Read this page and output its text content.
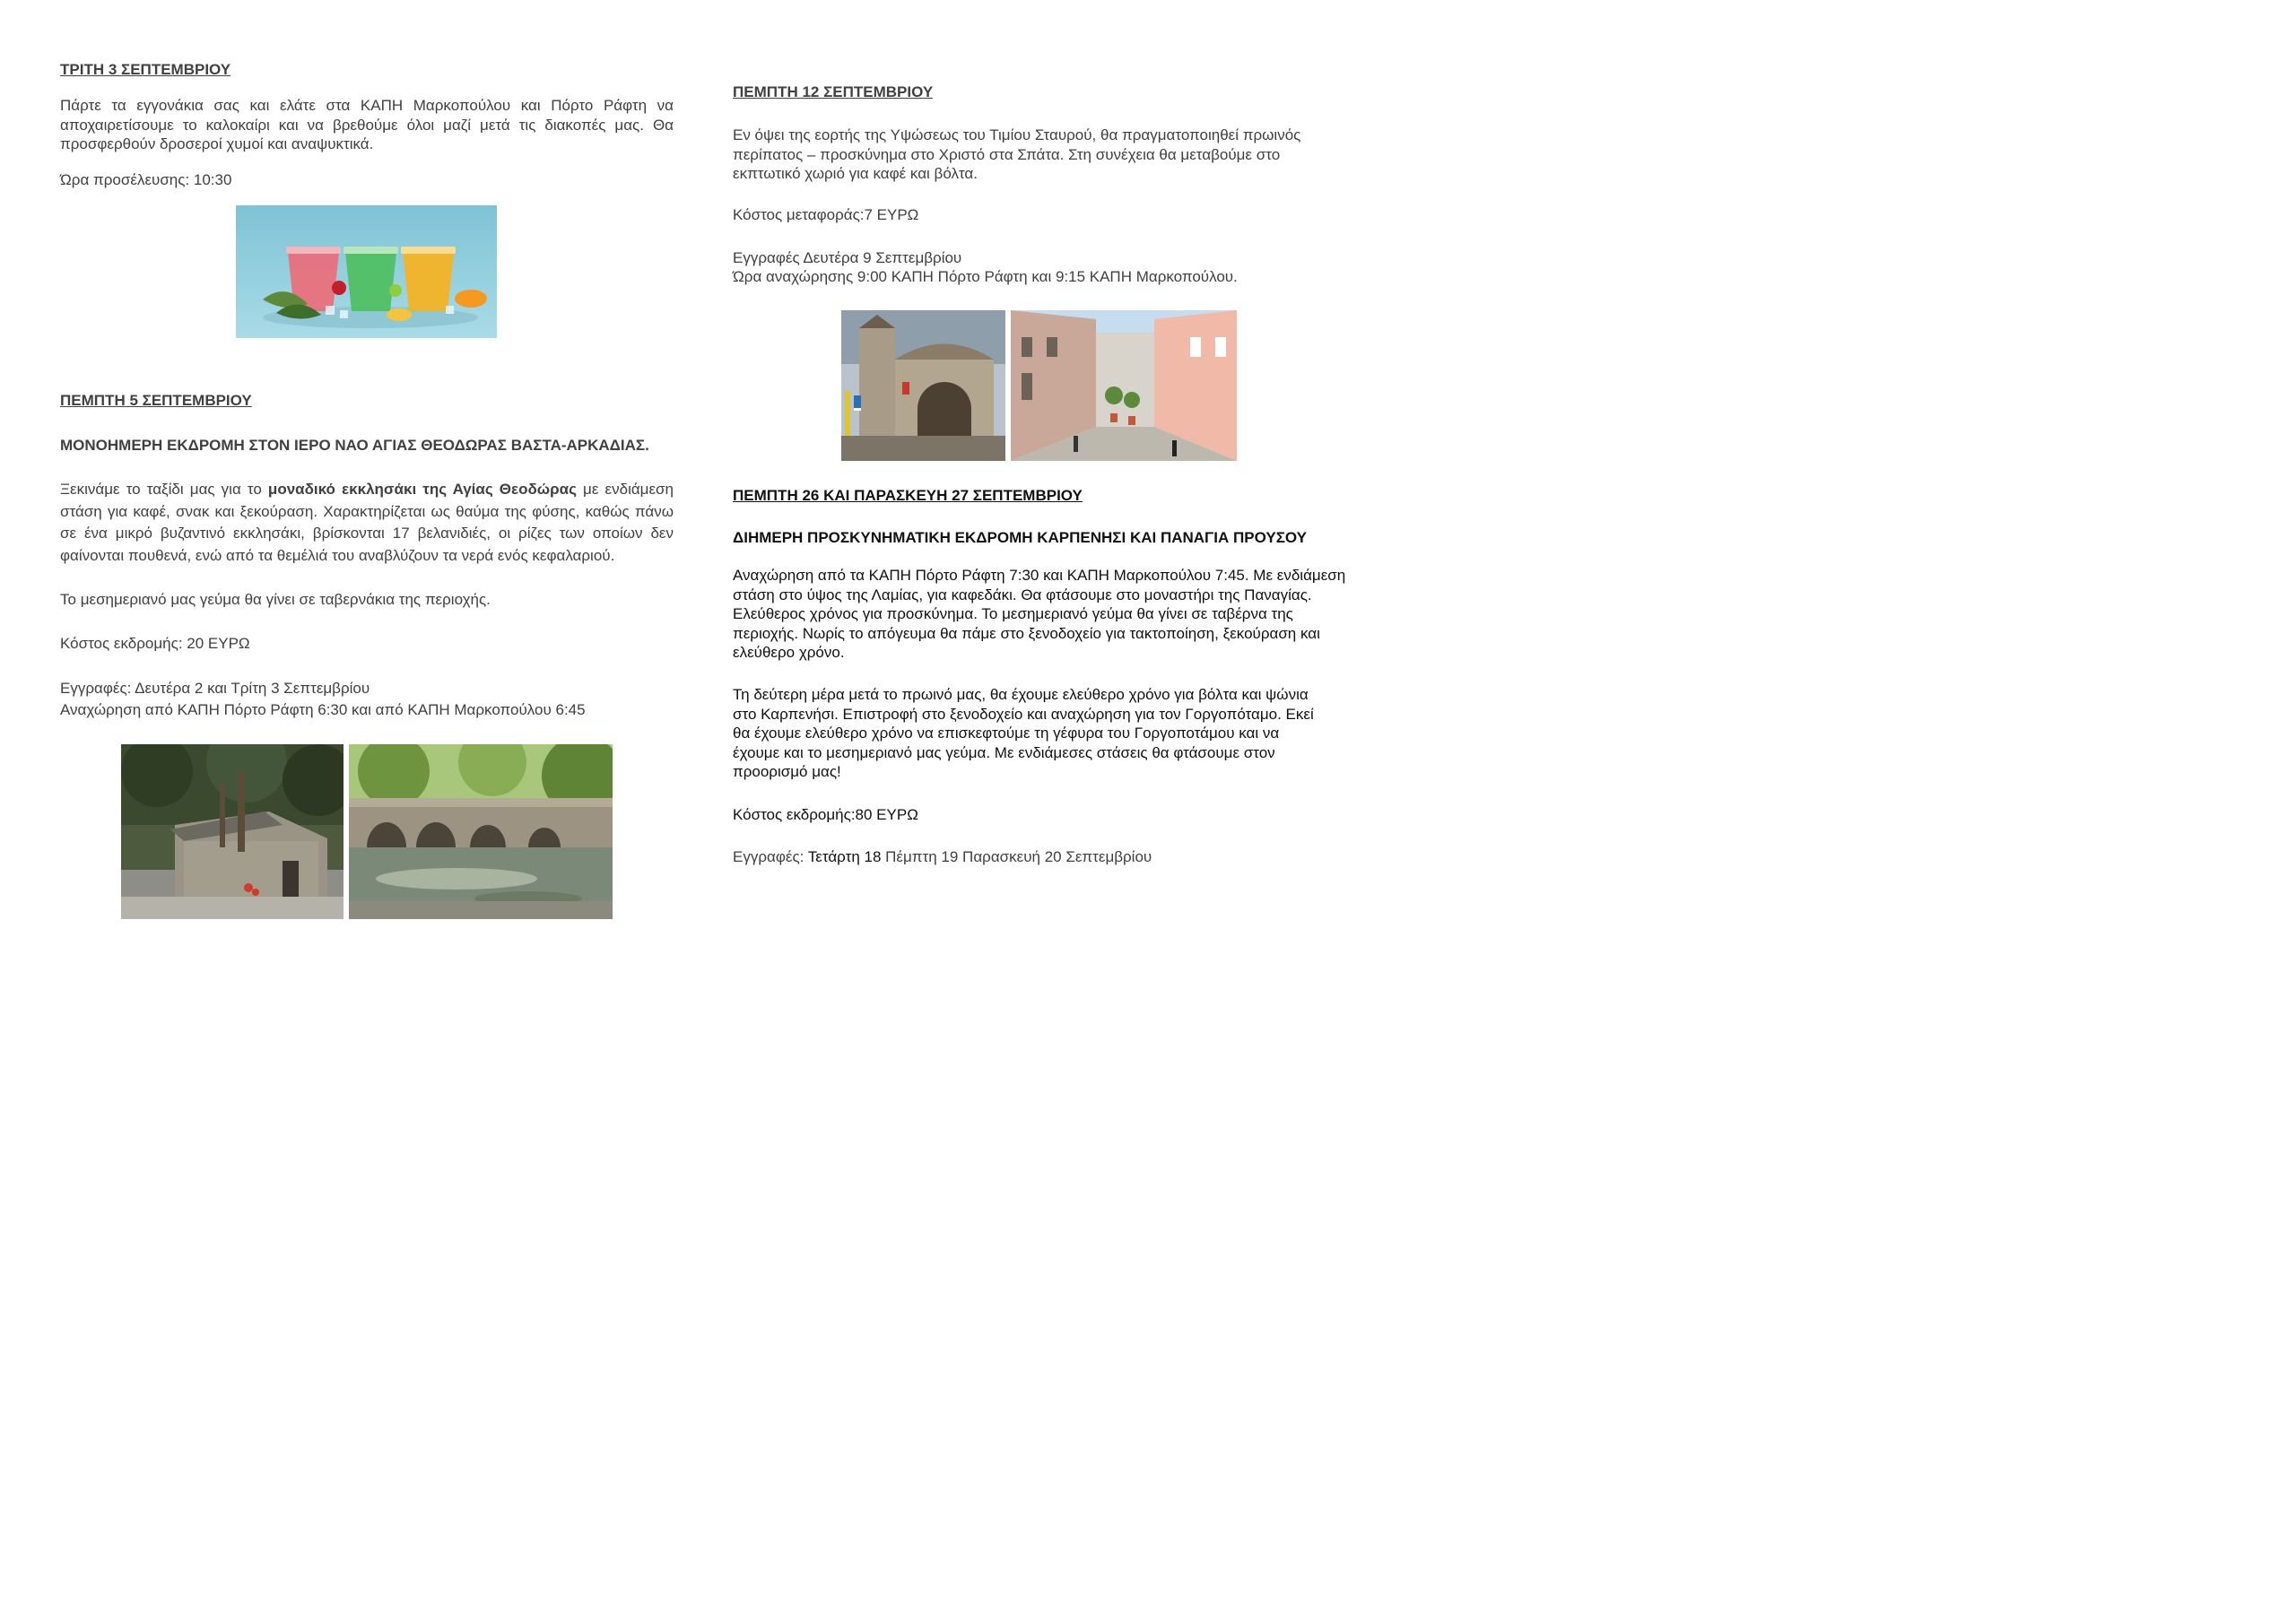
ΤΡΙΤΗ 3 ΣΕΠΤΕΜΒΡΙΟΥ
Πάρτε τα εγγονάκια σας και ελάτε στα ΚΑΠΗ Μαρκοπούλου και Πόρτο Ράφτη να αποχαιρετίσουμε το καλοκαίρι και να βρεθούμε όλοι μαζί μετά τις διακοπές μας. Θα προσφερθούν δροσεροί χυμοί και αναψυκτικά.
Ώρα προσέλευσης: 10:30
ΠΕΜΠΤΗ 5 ΣΕΠΤΕΜΒΡΙΟΥ
ΜΟΝΟΗΜΕΡΗ ΕΚΔΡΟΜΗ ΣΤΟΝ ΙΕΡΟ ΝΑΟ ΑΓΙΑΣ ΘΕΟΔΩΡΑΣ ΒΑΣΤΑ-ΑΡΚΑΔΙΑΣ.
Ξεκινάμε το ταξίδι μας για το μοναδικό εκκλησάκι της Αγίας Θεοδώρας με ενδιάμεση στάση για καφέ, σνακ και ξεκούραση. Χαρακτηρίζεται ως θαύμα της φύσης, καθώς πάνω σε ένα μικρό βυζαντινό εκκλησάκι, βρίσκονται 17 βελανιδιές, οι ρίζες των οποίων δεν φαίνονται πουθενά, ενώ από τα θεμέλιά του αναβλύζουν τα νερά ενός κεφαλαριού.
Το μεσημεριανό μας γεύμα θα γίνει σε ταβερνάκια της περιοχής.
Κόστος εκδρομής: 20 ΕΥΡΩ
Εγγραφές: Δευτέρα 2 και Τρίτη 3 Σεπτεμβρίου
Αναχώρηση από ΚΑΠΗ Πόρτο Ράφτη 6:30 και από ΚΑΠΗ Μαρκοπούλου 6:45
ΠΕΜΠΤΗ 12 ΣΕΠΤΕΜΒΡΙΟΥ
Εν όψει της εορτής της Υψώσεως του Τιμίου Σταυρού, θα πραγματοποιηθεί πρωινός περίπατος – προσκύνημα στο Χριστό στα Σπάτα. Στη συνέχεια θα μεταβούμε στο εκπτωτικό χωριό για καφέ και βόλτα.
Κόστος μεταφοράς:7 ΕΥΡΩ
Εγγραφές Δευτέρα 9 Σεπτεμβρίου
Ώρα αναχώρησης 9:00 ΚΑΠΗ Πόρτο Ράφτη και 9:15 ΚΑΠΗ Μαρκοπούλου.
ΠΕΜΠΤΗ 26 ΚΑΙ ΠΑΡΑΣΚΕΥΗ 27 ΣΕΠΤΕΜΒΡΙΟΥ
ΔΙΗΜΕΡΗ ΠΡΟΣΚΥΝΗΜΑΤΙΚΗ ΕΚΔΡΟΜΗ ΚΑΡΠΕΝΗΣΙ ΚΑΙ ΠΑΝΑΓΙΑ ΠΡΟΥΣΟΥ
Αναχώρηση από τα ΚΑΠΗ Πόρτο Ράφτη 7:30 και ΚΑΠΗ Μαρκοπούλου 7:45. Με ενδιάμεση στάση στο ύψος της Λαμίας, για καφεδάκι. Θα φτάσουμε στο μοναστήρι της Παναγίας. Ελεύθερος χρόνος για προσκύνημα. Το μεσημεριανό γεύμα θα γίνει σε ταβέρνα της περιοχής. Νωρίς το απόγευμα θα πάμε στο ξενοδοχείο για τακτοποίηση, ξεκούραση και ελεύθερο χρόνο.
Τη δεύτερη μέρα μετά το πρωινό μας, θα έχουμε ελεύθερο χρόνο για βόλτα και ψώνια στο Καρπενήσι. Επιστροφή στο ξενοδοχείο και αναχώρηση για τον Γοργοπόταμο. Εκεί θα έχουμε ελεύθερο χρόνο να επισκεφτούμε τη γέφυρα του Γοργοποτάμου και να έχουμε και το μεσημεριανό μας γεύμα. Με ενδιάμεσες στάσεις θα φτάσουμε στον προορισμό μας!
Κόστος εκδρομής:80 ΕΥΡΩ
Εγγραφές: Τετάρτη 18 Πέμπτη 19 Παρασκευή 20 Σεπτεμβρίου
